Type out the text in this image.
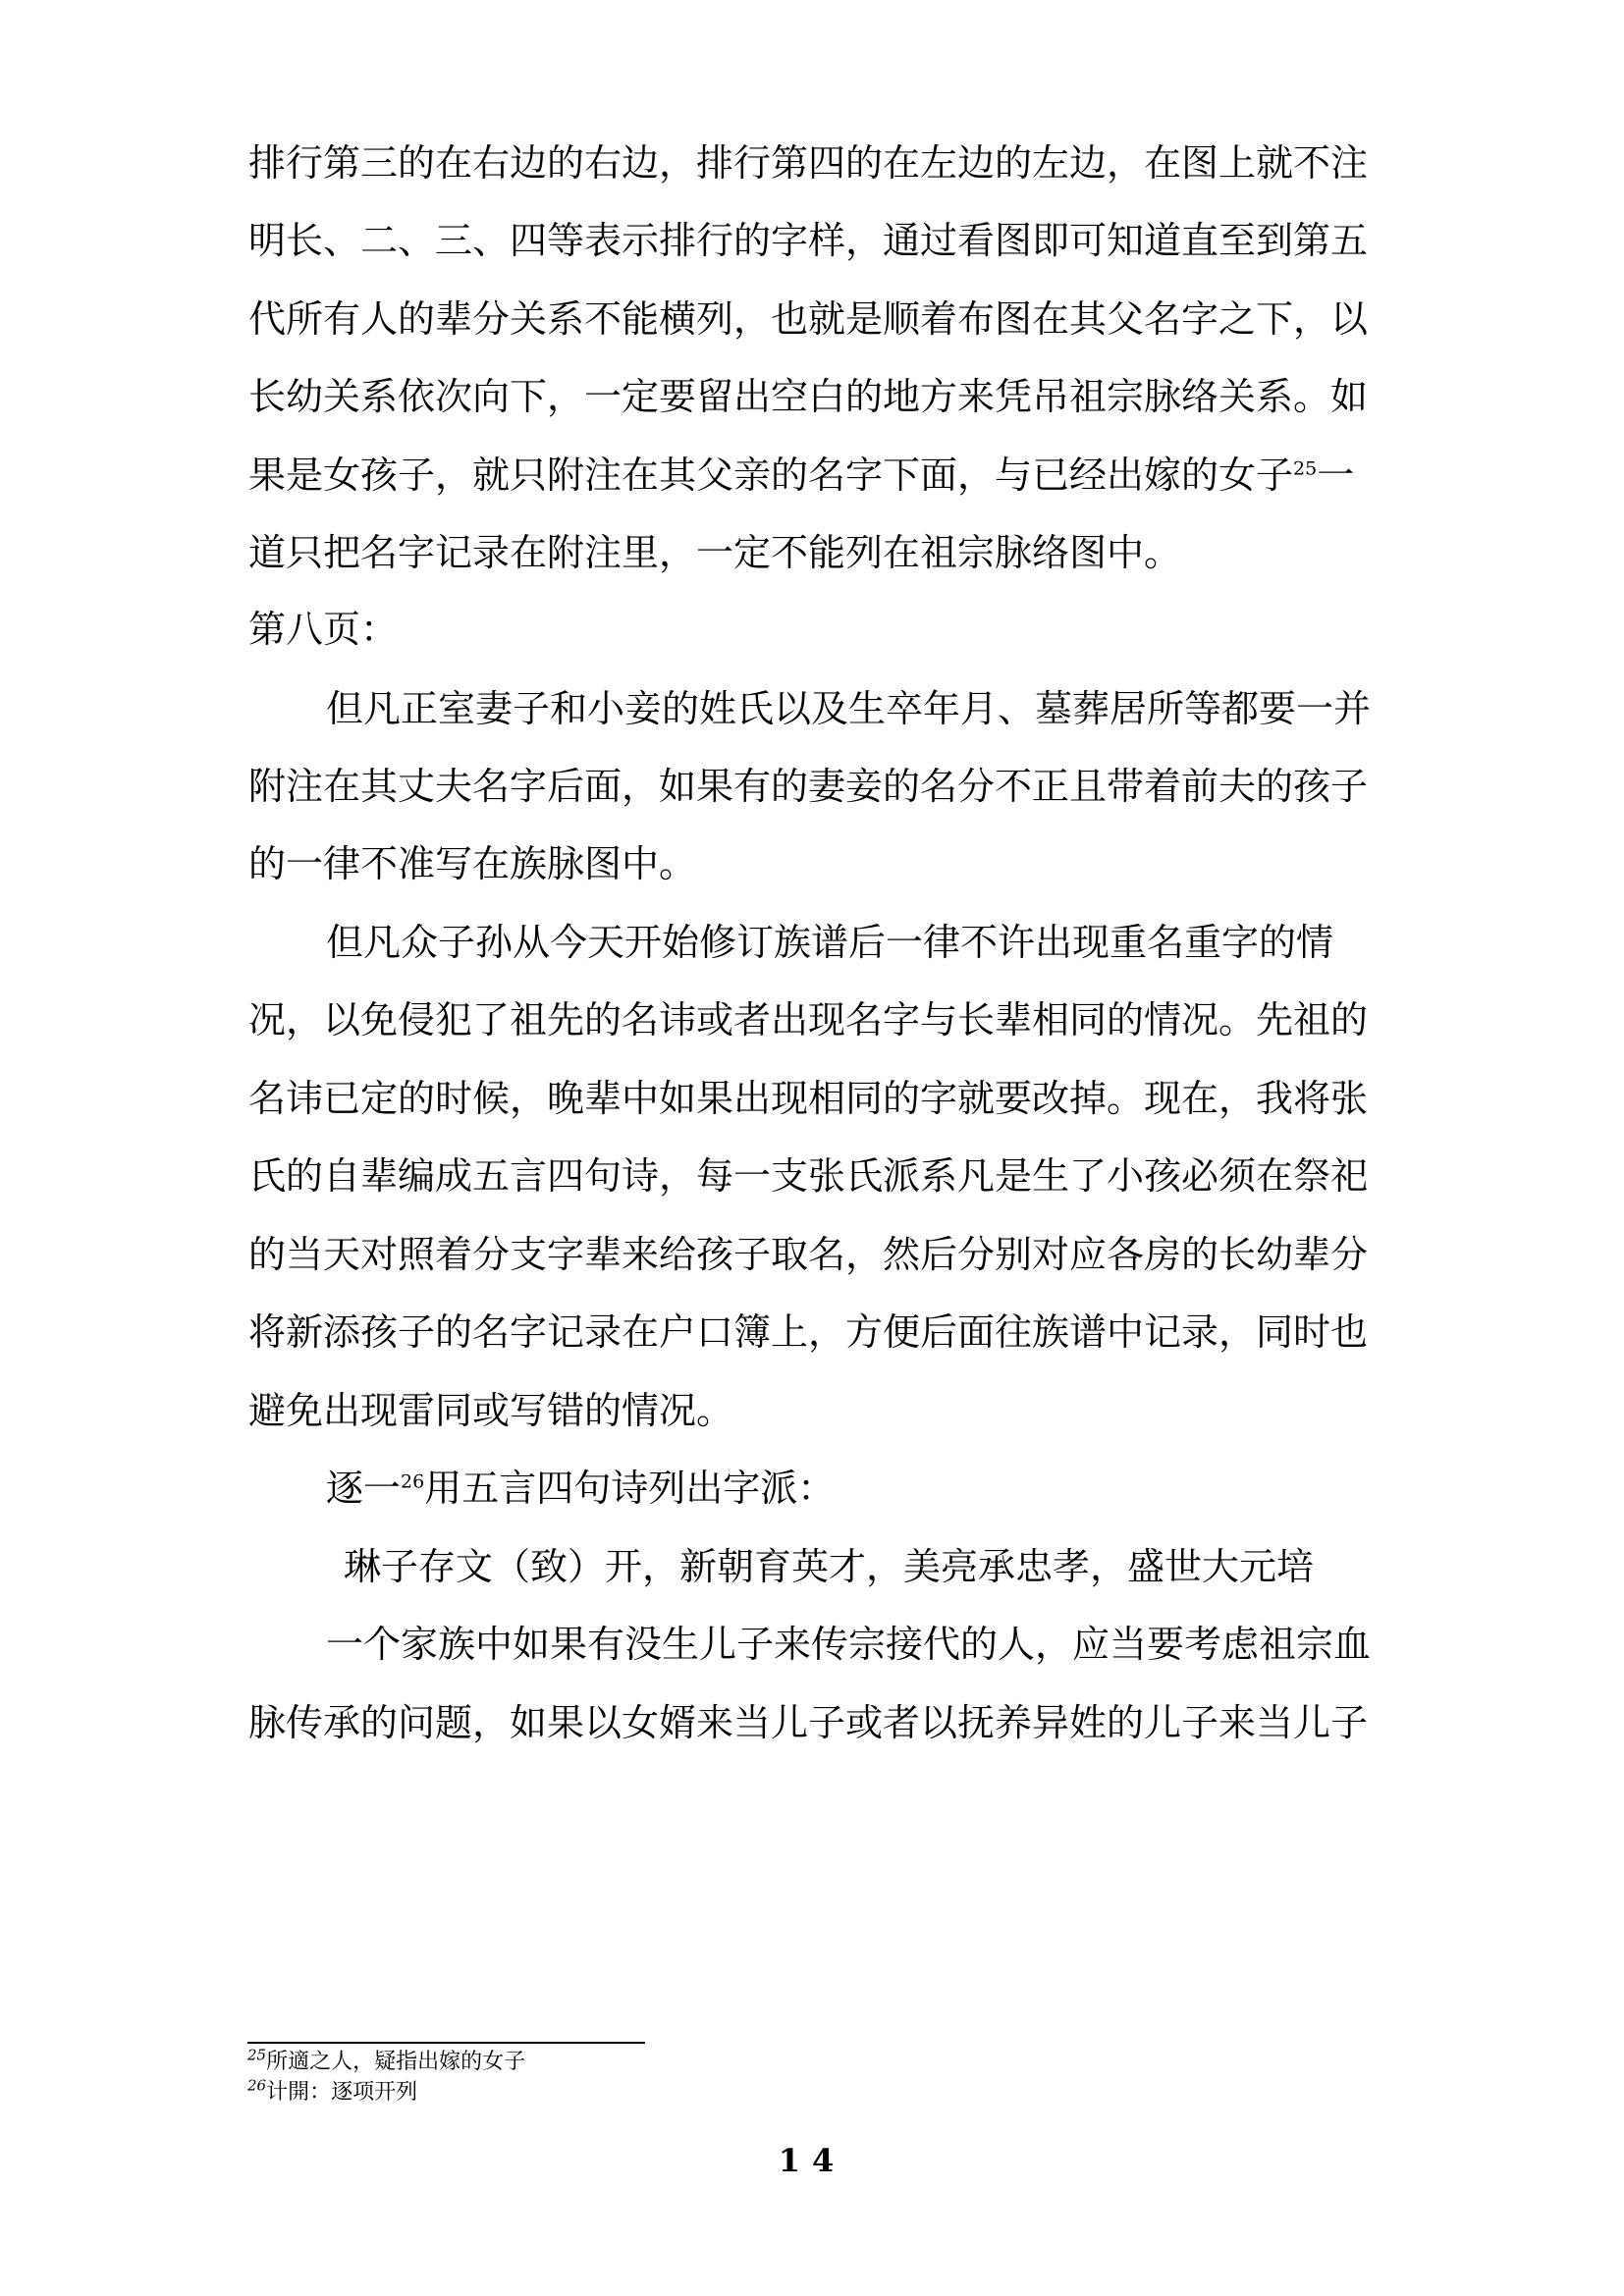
排行第三的在右边的右边，排行第四的在左边的左边，在图上就不注
明长、二、三、四等表示排行的字样，通过看图即可知道直至到第五
代所有人的辈分关系不能横列，也就是顺着布图在其父名字之下，以
长幼关系依次向下，一定要留出空白的地方来凭吊祖宗脉络关系。如
果是女孩子，就只附注在其父亲的名字下面，与已经出嫁的女子$^{25}$一
道只把名字记录在附注里，一定不能列在祖宗脉络图中。
第八页：
但凡正室妻子和小妾的姓氏以及生卒年月、墓葬居所等都要一并
附注在其丈夫名字后面，如果有的妻妾的名分不正且带着前夫的孩子
的一律不准写在族脉图中。
但凡众子孙从今天开始修订族谱后一律不许出现重名重字的情
况，以免侵犯了祖先的名讳或者出现名字与长辈相同的情况。先祖的
名讳已定的时候，晚辈中如果出现相同的字就要改掉。现在，我将张
氏的自辈编成五言四句诗，每一支张氏派系凡是生了小孩必须在祭祀
的当天对照着分支字辈来给孩子取名，然后分别对应各房的长幼辈分
将新添孩子的名字记录在户口簿上，方便后面往族谱中记录，同时也
避免出现雷同或写错的情况。
逐一$^{26}$用五言四句诗列出字派：
琳子存文（致）开，新朝育英才，美亮承忠孝，盛世大元培
一个家族中如果有没生儿子来传宗接代的人，应当要考虑祖宗血
脉传承的问题，如果以女婿来当儿子或者以抚养异姓的儿子来当儿子
$^{25}$所適之人，疑指出嫁的女子
$^{26}$计開：逐项开列
14
